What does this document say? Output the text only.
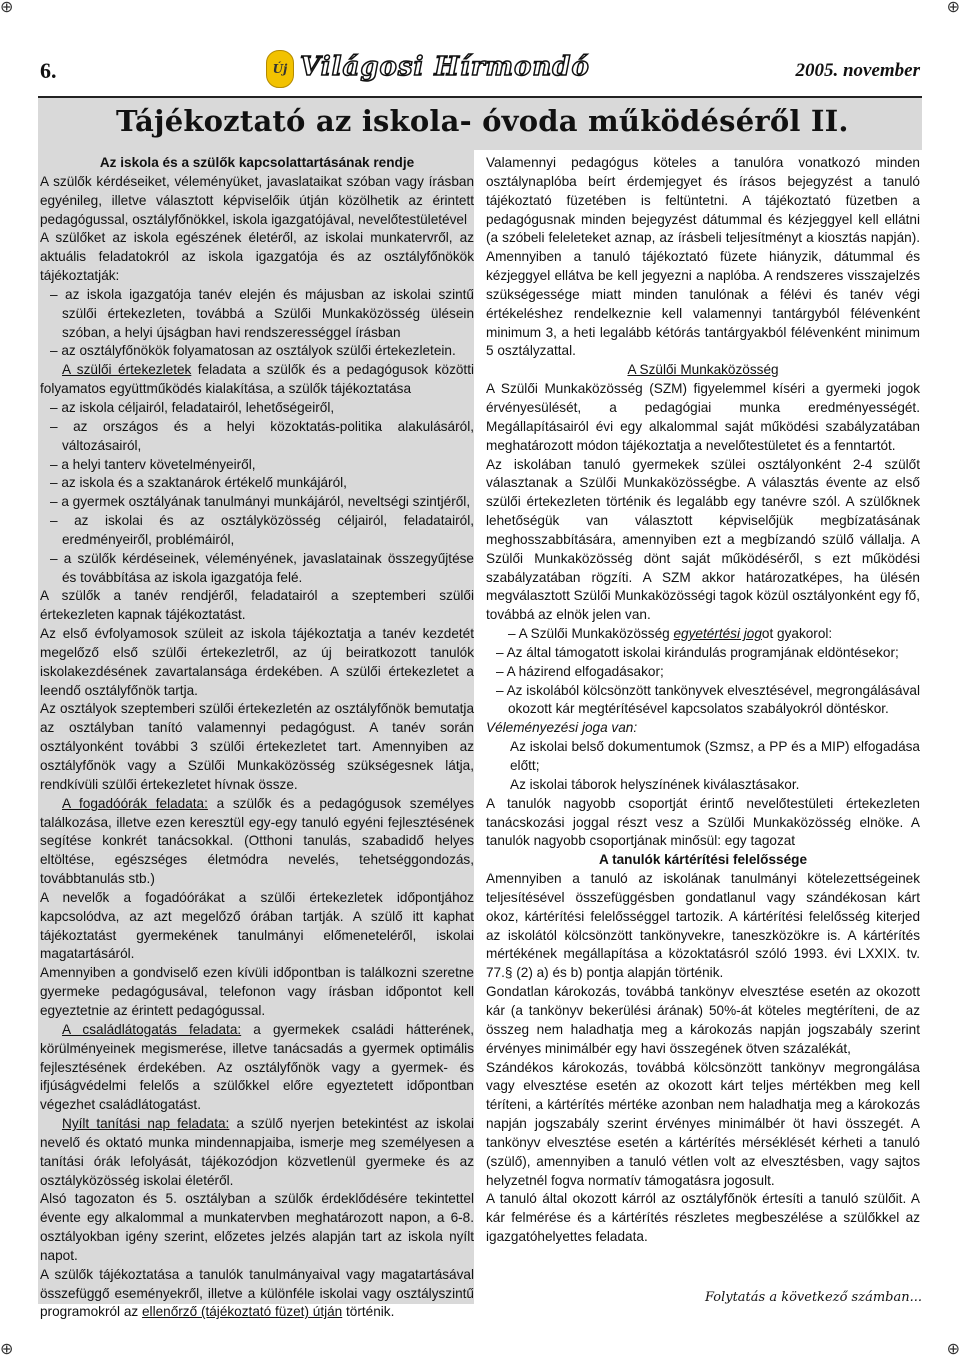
⊕	⊕
⊕	⊕
6.	Új Világosi Hírmondó	2005. november
Tájékoztató az iskola- óvoda működéséről II.

Az iskola és a szülők kapcsolattartásának rendje

A szülők kérdéseiket, véleményüket, javaslataikat szóban vagy írásban egyénileg, illetve választott képviselőik útján közölhetik az érintett pedagógussal, osztályfőnökkel, iskola igazgatójával, nevelőtestületével

A szülőket az iskola egészének életéről, az iskolai munkatervről, az aktuális feladatokról az iskola igazgatója és az osztályfőnökök tájékoztatják:

– az iskola igazgatója tanév elején és májusban az iskolai szintű szülői értekezleten, továbbá a Szülői Munkaközösség ülésein szóban, a helyi újságban havi rendszerességgel írásban

– az osztályfőnökök folyamatosan az osztályok szülői értekezletein.

A szülői értekezletek feladata a szülők és a pedagógusok közötti folyamatos együttműködés kialakítása, a szülők tájékoztatása

– az iskola céljairól, feladatairól, lehetőségeiről,

– az országos és a helyi közoktatás-politika alakulásáról, változásairól,

– a helyi tanterv követelményeiről,

– az iskola és a szaktanárok értékelő munkájáról,

– a gyermek osztályának tanulmányi munkájáról, neveltségi szintjéről,

– az iskolai és az osztályközösség céljairól, feladatairól, eredményeiről, problémáiról,

– a szülők kérdéseinek, véleményének, javaslatainak összegyűjtése és továbbítása az iskola igazgatója felé.

A szülők a tanév rendjéről, feladatairól a szeptemberi szülői értekezleten kapnak tájékoztatást.

Az első évfolyamosok szüleit az iskola tájékoztatja a tanév kezdetét megelőző első szülői értekezletről, az új beiratkozott tanulók iskolakezdésének zavartalansága érdekében. A szülői értekezletet a leendő osztályfőnök tartja.

Az osztályok szeptemberi szülői értekezletén az osztályfőnök bemutatja az osztályban tanító valamennyi pedagógust. A tanév során osztályonként további 3 szülői értekezletet tart. Amennyiben az osztályfőnök vagy a Szülői Munkaközösség szükségesnek látja, rendkívüli szülői értekezletet hívnak össze.

A fogadóórák feladata: a szülők és a pedagógusok személyes találkozása, illetve ezen keresztül egy-egy tanuló egyéni fejlesztésének segítése konkrét tanácsokkal. (Otthoni tanulás, szabadidő helyes eltöltése, egészséges életmódra nevelés, tehetséggondozás, továbbtanulás stb.)

A nevelők a fogadóórákat a szülői értekezletek időpontjához kapcsolódva, az azt megelőző órában tartják. A szülő itt kaphat tájékoztatást gyermekének tanulmányi előmeneteléről, iskolai magatartásáról.

Amennyiben a gondviselő ezen kívüli időpontban is találkozni szeretne gyermeke pedagógusával, telefonon vagy írásban időpontot kell egyeztetnie az érintett pedagógussal.

A családlátogatás feladata: a gyermekek családi hátterének, körülményeinek megismerése, illetve tanácsadás a gyermek optimális fejlesztésének érdekében. Az osztályfőnök vagy a gyermek- és ifjúságvédelmi felelős a szülőkkel előre egyeztetett időpontban végezhet családlátogatást.

Nyílt tanítási nap feladata: a szülő nyerjen betekintést az iskolai nevelő és oktató munka mindennapjaiba, ismerje meg személyesen a tanítási órák lefolyását, tájékozódjon közvetlenül gyermeke és az osztályközösség iskolai életéről.

Alsó tagozaton és 5. osztályban a szülők érdeklődésére tekintettel évente egy alkalommal a munkatervben meghatározott napon, a 6-8. osztályokban igény szerint, előzetes jelzés alapján tart az iskola nyílt napot.

A szülők tájékoztatása a tanulók tanulmányaival vagy magatartásával összefüggő eseményekről, illetve a különféle iskolai vagy osztályszintű programokról az ellenőrző (tájékoztató füzet) útján történik.

Valamennyi pedagógus köteles a tanulóra vonatkozó minden osztálynaplóba beírt érdemjegyet és írásos bejegyzést a tanuló tájékoztató füzetében is feltüntetni. A tájékoztató füzetben a pedagógusnak minden bejegyzést dátummal és kézjeggyel kell ellátni (a szóbeli feleleteket aznap, az írásbeli teljesítményt a kiosztás napján). Amennyiben a tanuló tájékoztató füzete hiányzik, dátummal és kézjeggyel ellátva be kell jegyezni a naplóba. A rendszeres visszajelzés szükségessége miatt minden tanulónak a félévi és tanév végi értékeléshez rendelkeznie kell valamennyi tantárgyból félévenként minimum 3, a heti legalább kétórás tantárgyakból félévenként minimum 5 osztályzattal.

A Szülői Munkaközösség

A Szülői Munkaközösség (SZM) figyelemmel kíséri a gyermeki jogok érvényesülését, a pedagógiai munka eredményességét. Megállapításairól évi egy alkalommal saját működési szabályzatában meghatározott módon tájékoztatja a nevelőtestületet és a fenntartót.

Az iskolában tanuló gyermekek szülei osztályonként 2-4 szülőt választanak a Szülői Munkaközösségbe. A választás évente az első szülői értekezleten történik és legalább egy tanévre szól. A szülőknek lehetőségük van választott képviselőjük megbízatásának meghosszabbítására, amennyiben ezt a megbízandó szülő vállalja. A Szülői Munkaközösség dönt saját működéséről, s ezt működési szabályzatában rögzíti. A SZM akkor határozatképes, ha ülésén megválasztott Szülői Munkaközösségi tagok közül osztályonként egy fő, továbbá az elnök jelen van.

– A Szülői Munkaközösség egyetértési jogot gyakorol:

– Az által támogatott iskolai kirándulás programjának eldöntésekor;

– A házirend elfogadásakor;

– Az iskolából kölcsönzött tankönyvek elvesztésével, megrongálásával okozott kár megtérítésével kapcsolatos szabályokról döntéskor.

Véleményezési joga van:

Az iskolai belső dokumentumok (Szmsz, a PP és a MIP) elfogadása előtt;

Az iskolai táborok helyszínének kiválasztásakor.

A tanulók nagyobb csoportját érintő nevelőtestületi értekezleten tanácskozási joggal részt vesz a Szülői Munkaközösség elnöke. A tanulók nagyobb csoportjának minősül: egy tagozat

A tanulók kártérítési felelőssége

Amennyiben a tanuló az iskolának tanulmányi kötelezettségeinek teljesítésével összefüggésben gondatlanul vagy szándékosan kárt okoz, kártérítési felelősséggel tartozik. A kártérítési felelősség kiterjed az iskolától kölcsönzött tankönyvekre, taneszközökre is. A kártérítés mértékének megállapítása a közoktatásról szóló 1993. évi LXXIX. tv. 77.§ (2) a) és b) pontja alapján történik.

Gondatlan károkozás, továbbá tankönyv elvesztése esetén az okozott kár (a tankönyv bekerülési árának) 50%-át köteles megtéríteni, de az összeg nem haladhatja meg a károkozás napján jogszabály szerint érvényes minimálbér egy havi összegének ötven százalékát,

Szándékos károkozás, továbbá kölcsönzött tankönyv megrongálása vagy elvesztése esetén az okozott kárt teljes mértékben meg kell téríteni, a kártérítés mértéke azonban nem haladhatja meg a károkozás napján jogszabály szerint érvényes minimálbér öt havi összegét. A tankönyv elvesztése esetén a kártérítés mérséklését kérheti a tanuló (szülő), amennyiben a tanuló vétlen volt az elvesztésben, vagy sajtos helyzetnél fogva normatív támogatásra jogosult.

A tanuló által okozott kárról az osztályfőnök értesíti a tanuló szülőit. A kár felmérése és a kártérítés részletes megbeszélése a szülőkkel az igazgatóhelyettes feladata.

Folytatás a következő számban...
